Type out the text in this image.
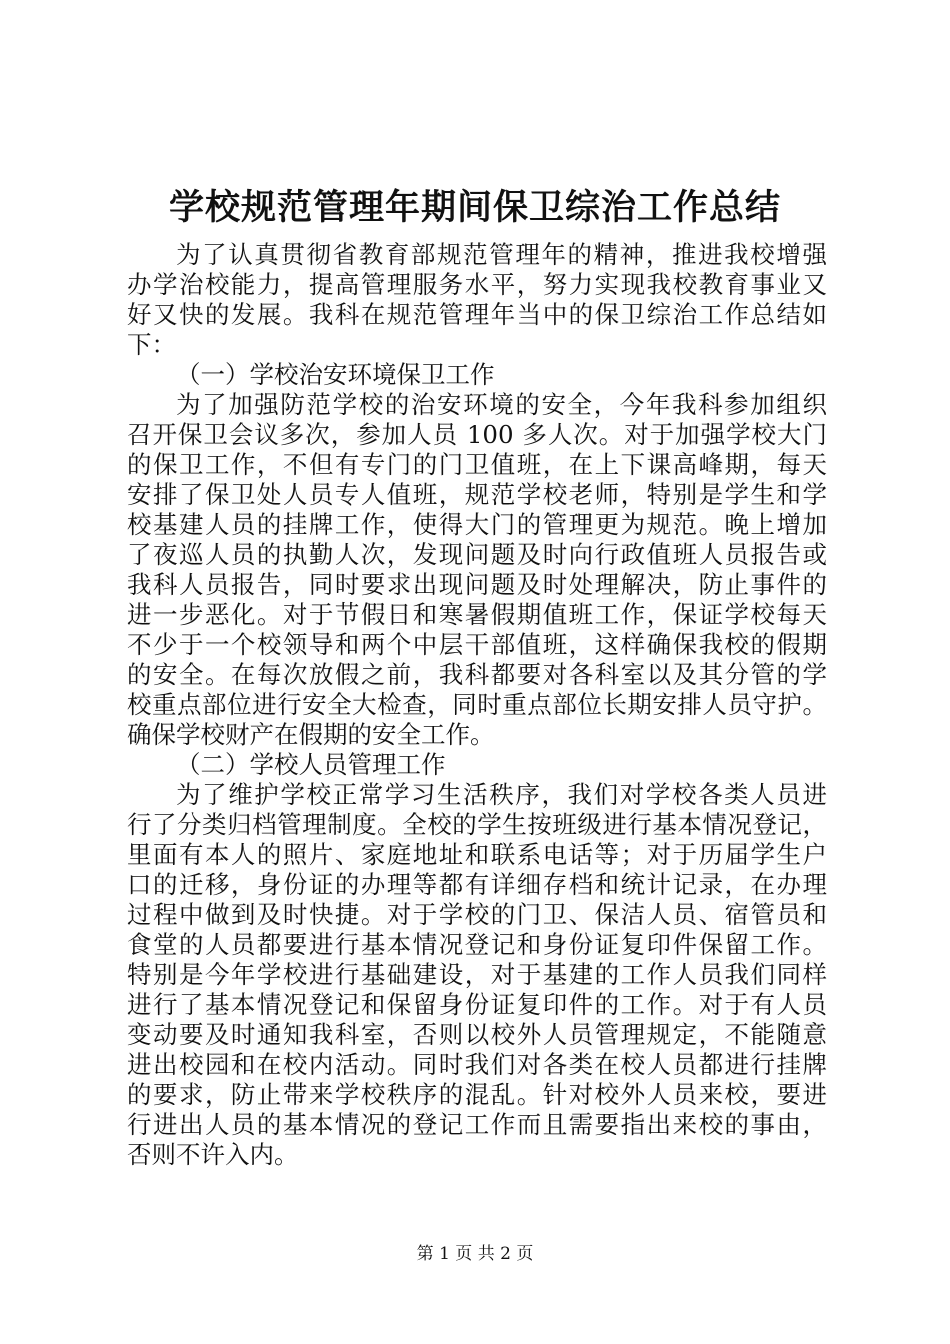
学校规范管理年期间保卫综治工作总结
为了认真贯彻省教育部规范管理年的精神，推进我校增强
办学治校能力，提高管理服务水平，努力实现我校教育事业又
好又快的发展。我科在规范管理年当中的保卫综治工作总结如
下：
（一）学校治安环境保卫工作
为了加强防范学校的治安环境的安全，今年我科参加组织
召开保卫会议多次，参加人员 100 多人次。对于加强学校大门
的保卫工作，不但有专门的门卫值班，在上下课高峰期，每天
安排了保卫处人员专人值班，规范学校老师，特别是学生和学
校基建人员的挂牌工作，使得大门的管理更为规范。晚上增加
了夜巡人员的执勤人次，发现问题及时向行政值班人员报告或
我科人员报告，同时要求出现问题及时处理解决，防止事件的
进一步恶化。对于节假日和寒暑假期值班工作，保证学校每天
不少于一个校领导和两个中层干部值班，这样确保我校的假期
的安全。在每次放假之前，我科都要对各科室以及其分管的学
校重点部位进行安全大检查，同时重点部位长期安排人员守护。
确保学校财产在假期的安全工作。
（二）学校人员管理工作
为了维护学校正常学习生活秩序，我们对学校各类人员进
行了分类归档管理制度。全校的学生按班级进行基本情况登记，
里面有本人的照片、家庭地址和联系电话等；对于历届学生户
口的迁移，身份证的办理等都有详细存档和统计记录，在办理
过程中做到及时快捷。对于学校的门卫、保洁人员、宿管员和
食堂的人员都要进行基本情况登记和身份证复印件保留工作。
特别是今年学校进行基础建设，对于基建的工作人员我们同样
进行了基本情况登记和保留身份证复印件的工作。对于有人员
变动要及时通知我科室，否则以校外人员管理规定，不能随意
进出校园和在校内活动。同时我们对各类在校人员都进行挂牌
的要求，防止带来学校秩序的混乱。针对校外人员来校，要进
行进出人员的基本情况的登记工作而且需要指出来校的事由，
否则不许入内。
第 1 页 共 2 页
